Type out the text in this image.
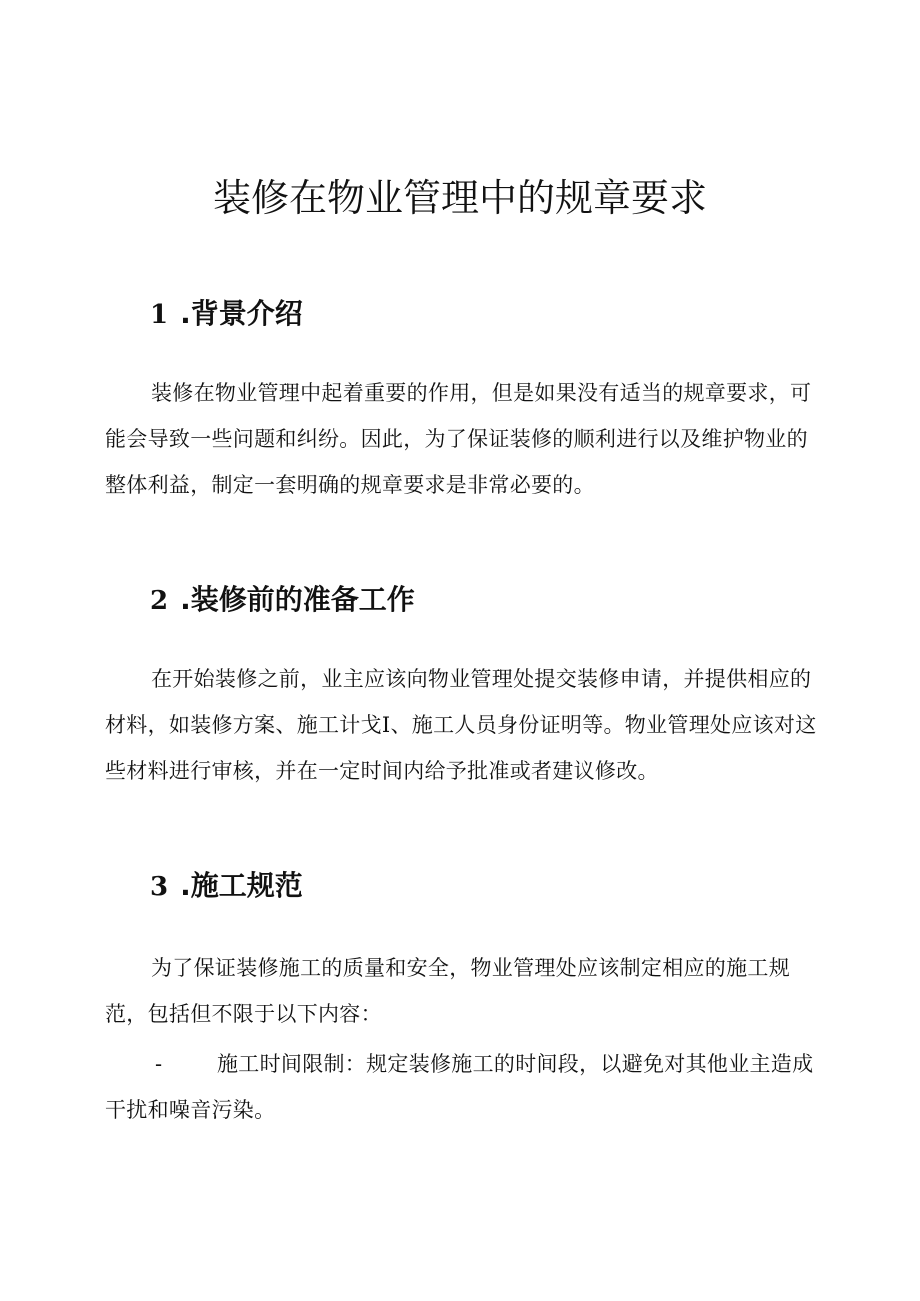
装修在物业管理中的规章要求
1 .背景介绍

装修在物业管理中起着重要的作用，但是如果没有适当的规章要求，可能会导致一些问题和纠纷。因此，为了保证装修的顺利进行以及维护物业的整体利益，制定一套明确的规章要求是非常必要的。

2 .装修前的准备工作

在开始装修之前，业主应该向物业管理处提交装修申请，并提供相应的材料，如装修方案、施工计戈I、施工人员身份证明等。物业管理处应该对这些材料进行审核，并在一定时间内给予批准或者建议修改。

3 .施工规范

为了保证装修施工的质量和安全，物业管理处应该制定相应的施工规范，包括但不限于以下内容：

-	施工时间限制：规定装修施工的时间段，以避免对其他业主造成干扰和噪音污染。
